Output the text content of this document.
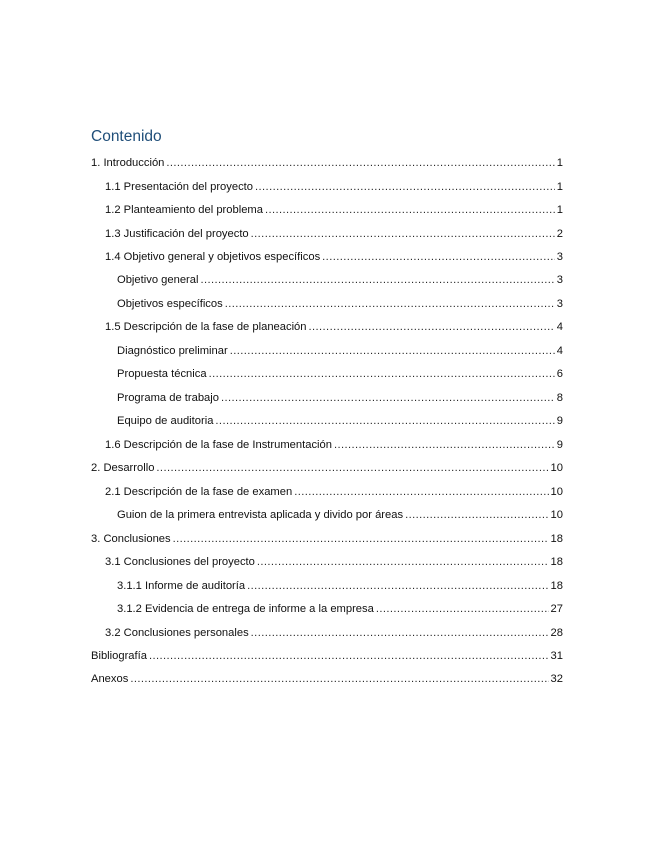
Contenido
1. Introducción .....	1
1.1 Presentación del proyecto .....	1
1.2 Planteamiento del problema .....	1
1.3 Justificación del proyecto .....	2
1.4 Objetivo general y objetivos específicos .....	3
Objetivo general .....	3
Objetivos específicos .....	3
1.5 Descripción de la fase de planeación .....	4
Diagnóstico preliminar .....	4
Propuesta técnica .....	6
Programa de trabajo .....	8
Equipo de auditoria .....	9
1.6 Descripción de la fase de Instrumentación .....	9
2. Desarrollo .....	10
2.1 Descripción de la fase de examen .....	10
Guion de la primera entrevista aplicada y divido por áreas .....	10
3. Conclusiones .....	18
3.1 Conclusiones del proyecto .....	18
3.1.1 Informe de auditoría .....	18
3.1.2 Evidencia de entrega de informe a la empresa .....	27
3.2 Conclusiones personales .....	28
Bibliografía .....	31
Anexos .....	32
